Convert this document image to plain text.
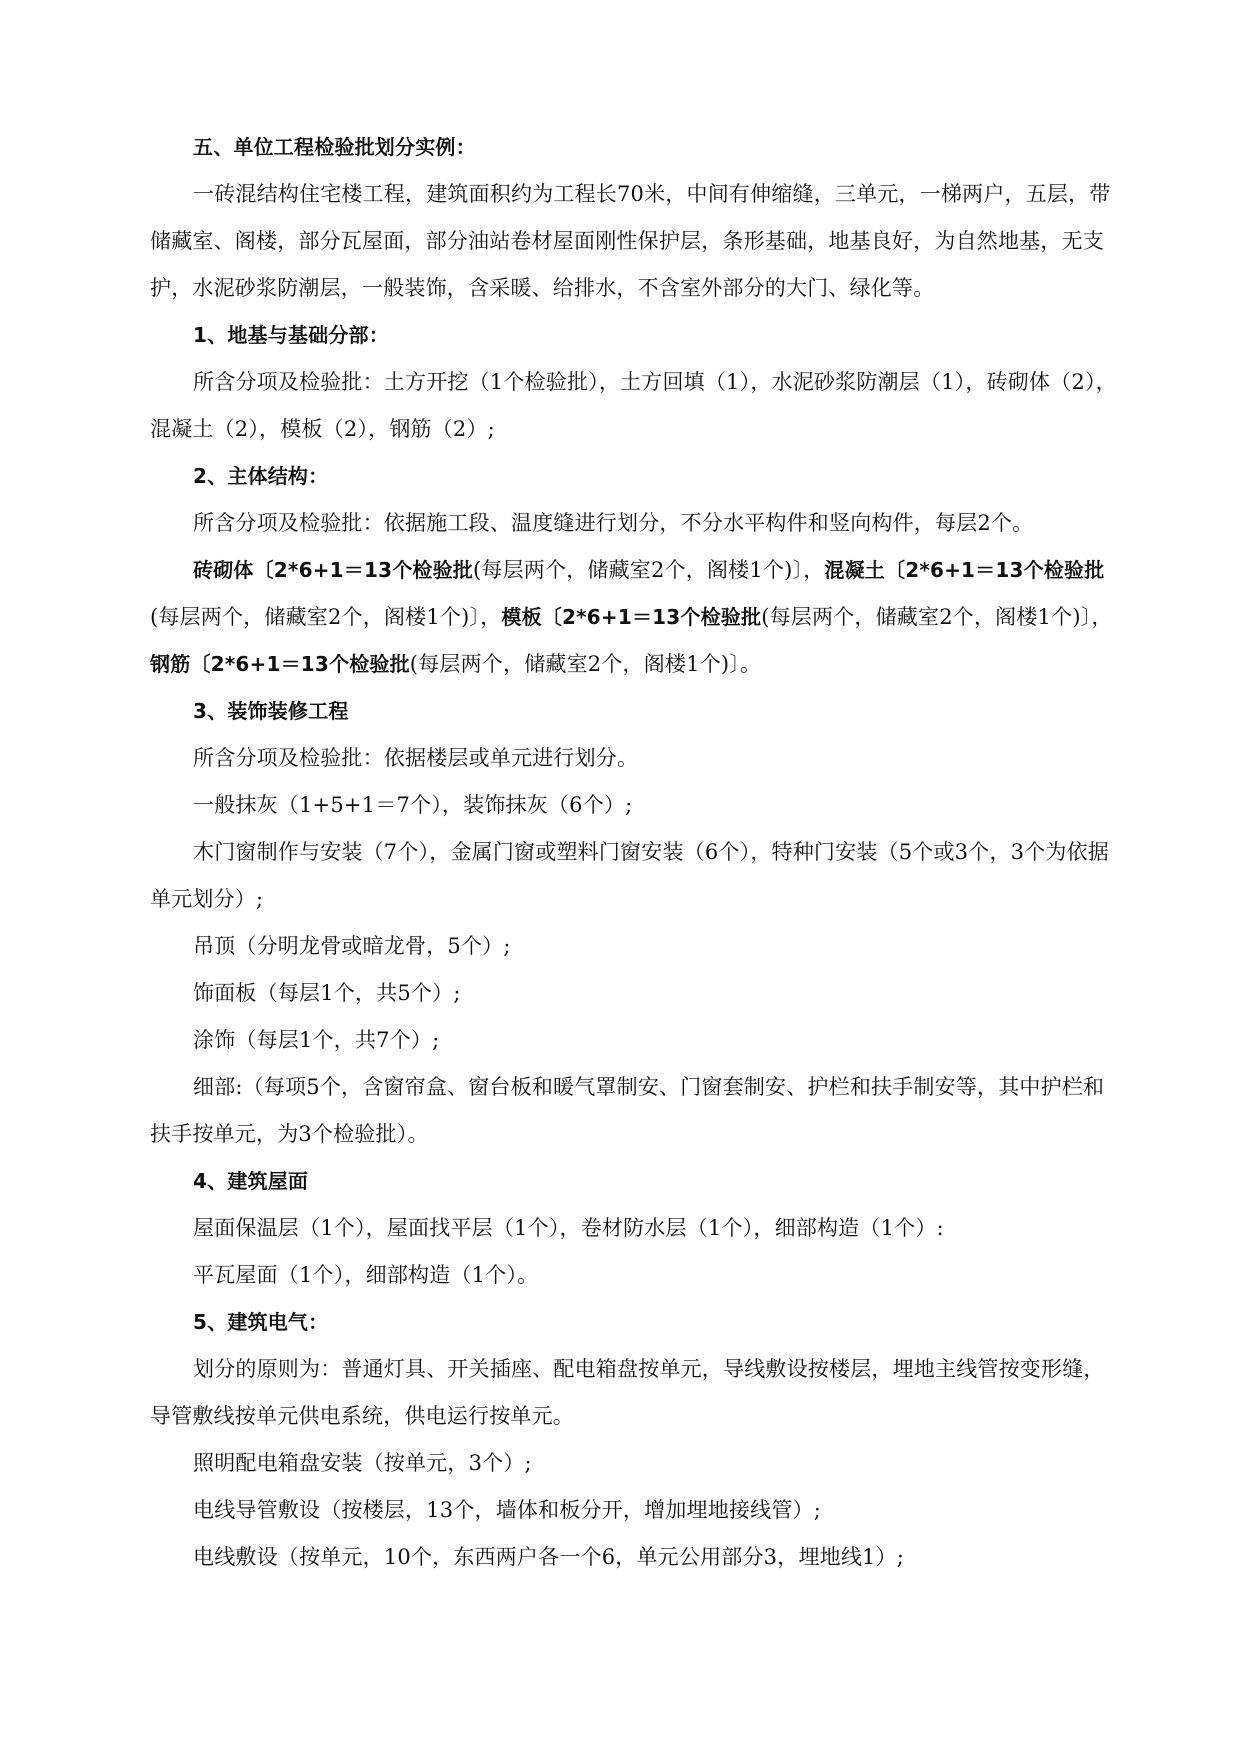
五、单位工程检验批划分实例：

一砖混结构住宅楼工程，建筑面积约为工程长70米，中间有伸缩缝，三单元，一梯两户，五层，带储藏室、阁楼，部分瓦屋面，部分油站卷材屋面刚性保护层，条形基础，地基良好，为自然地基，无支护，水泥砂浆防潮层，一般装饰，含采暖、给排水，不含室外部分的大门、绿化等。

1、地基与基础分部：

所含分项及检验批：土方开挖（1个检验批），土方回填（1），水泥砂浆防潮层（1），砖砌体（2），混凝土（2），模板（2），钢筋（2）;

2、主体结构：

所含分项及检验批：依据施工段、温度缝进行划分，不分水平构件和竖向构件，每层2个。

砖砌体〔2*6+1＝13个检验批(每层两个，储藏室2个，阁楼1个)〕，混凝土〔2*6+1＝13个检验批(每层两个，储藏室2个，阁楼1个)〕，模板〔2*6+1＝13个检验批(每层两个，储藏室2个，阁楼1个)〕，钢筋〔2*6+1＝13个检验批(每层两个，储藏室2个，阁楼1个)〕。

3、装饰装修工程

所含分项及检验批：依据楼层或单元进行划分。

一般抹灰（1+5+1＝7个），装饰抹灰（6个）;

木门窗制作与安装（7个），金属门窗或塑料门窗安装（6个），特种门安装（5个或3个，3个为依据单元划分）;

吊顶（分明龙骨或暗龙骨，5个）;

饰面板（每层1个，共5个）;

涂饰（每层1个，共7个）;

细部:（每项5个，含窗帘盒、窗台板和暖气罩制安、门窗套制安、护栏和扶手制安等，其中护栏和扶手按单元，为3个检验批）。

4、建筑屋面

屋面保温层（1个），屋面找平层（1个），卷材防水层（1个），细部构造（1个）:

平瓦屋面（1个），细部构造（1个）。

5、建筑电气：

划分的原则为：普通灯具、开关插座、配电箱盘按单元，导线敷设按楼层，埋地主线管按变形缝，导管敷线按单元供电系统，供电运行按单元。

照明配电箱盘安装（按单元，3个）;

电线导管敷设（按楼层，13个，墙体和板分开，增加埋地接线管）;

电线敷设（按单元，10个，东西两户各一个6，单元公用部分3，埋地线1）;
